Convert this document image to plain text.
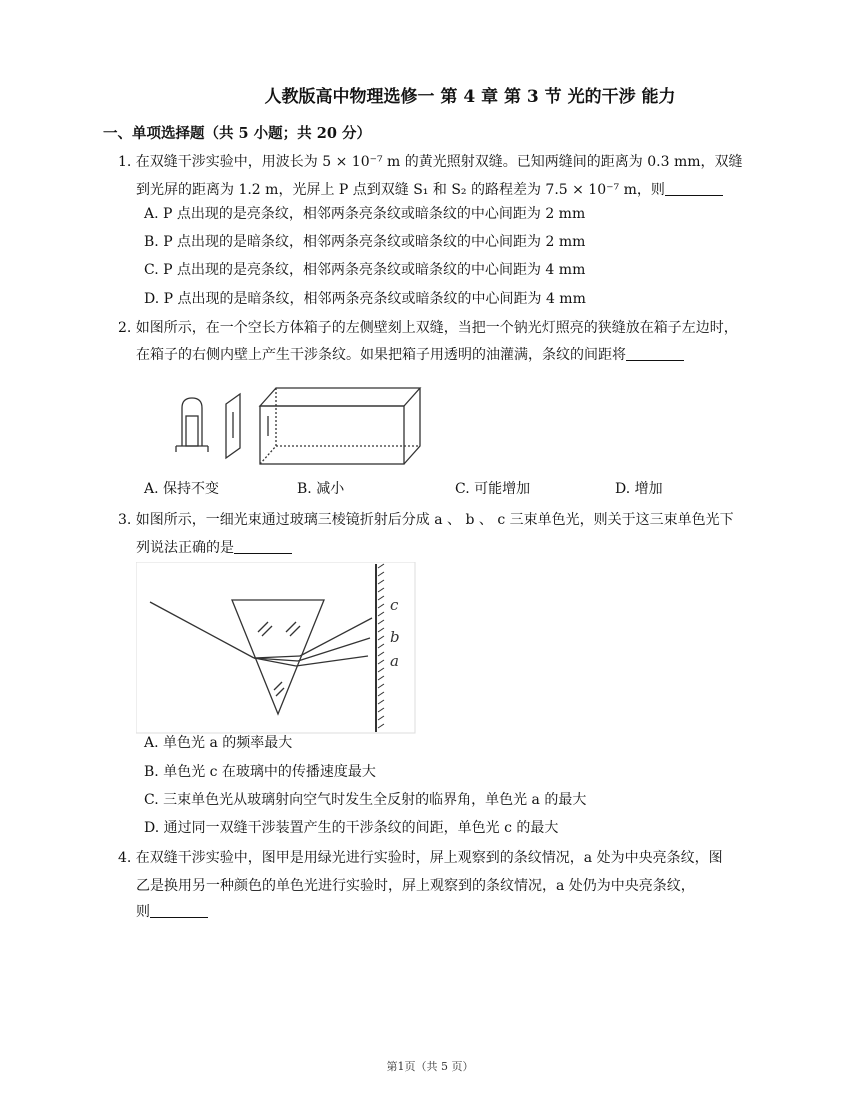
人教版高中物理选修一 第 4 章 第 3 节 光的干涉 能力
一、单项选择题（共 5 小题；共 20 分）
1. 在双缝干涉实验中，用波长为 5 × 10⁻⁷ m 的黄光照射双缝。已知两缝间的距离为 0.3 mm，双缝
到光屏的距离为 1.2 m，光屏上 P 点到双缝 S₁ 和 S₂ 的路程差为 7.5 × 10⁻⁷ m，则
A. P 点出现的是亮条纹，相邻两条亮条纹或暗条纹的中心间距为 2 mm
B. P 点出现的是暗条纹，相邻两条亮条纹或暗条纹的中心间距为 2 mm
C. P 点出现的是亮条纹，相邻两条亮条纹或暗条纹的中心间距为 4 mm
D. P 点出现的是暗条纹，相邻两条亮条纹或暗条纹的中心间距为 4 mm
2. 如图所示，在一个空长方体箱子的左侧壁刻上双缝，当把一个钠光灯照亮的狭缝放在箱子左边时，
在箱子的右侧内壁上产生干涉条纹。如果把箱子用透明的油灌满，条纹的间距将
A. 保持不变	B. 减小	C. 可能增加	D. 增加
3. 如图所示，一细光束通过玻璃三棱镜折射后分成 a 、 b 、 c 三束单色光，则关于这三束单色光下
列说法正确的是
c
b
a
A. 单色光 a 的频率最大
B. 单色光 c 在玻璃中的传播速度最大
C. 三束单色光从玻璃射向空气时发生全反射的临界角，单色光 a 的最大
D. 通过同一双缝干涉装置产生的干涉条纹的间距，单色光 c 的最大
4. 在双缝干涉实验中，图甲是用绿光进行实验时，屏上观察到的条纹情况，a 处为中央亮条纹，图
乙是换用另一种颜色的单色光进行实验时，屏上观察到的条纹情况，a 处仍为中央亮条纹，
则
第1页（共 5 页）
